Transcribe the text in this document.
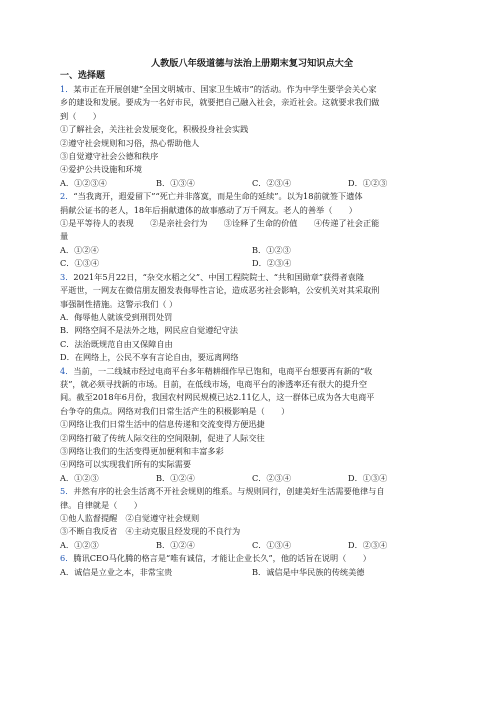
人教版八年级道德与法治上册期末复习知识点大全
一、选择题
1．某市正在开展创建“全国文明城市、国家卫生城市”的活动。作为中学生要学会关心家
乡的建设和发展。要成为一名好市民，就要把自己融入社会，亲近社会。这就要求我们做
到（　　）
①了解社会，关注社会发展变化，积极投身社会实践
②遵守社会规则和习俗，热心帮助他人
③自觉遵守社会公德和秩序
④爱护公共设施和环境
A．①②③④	B．①③④	C．②③④	D．①②③
2．“当我离开，遐爱留下”“死亡并非落寞，而是生命的延续”。以为18前就签下遗体
捐献公证书的老人，18年后捐献遗体的故事感动了万千网友。老人的善举（　　）
①是平等待人的表现　　②是亲社会行为　　③诠释了生命的价值　　④传递了社会正能
量
A．①②④	B．①②③
C．①③④	D．②③④
3．2021年5月22日，“杂交水稻之父”、中国工程院院士、“共和国勋章”获得者袁隆
平逝世，一网友在微信朋友圈发表侮辱性言论，造成恶劣社会影响，公安机关对其采取刑
事强制性措施。这警示我们（ ）
A．侮辱他人就该受到刑罚处罚
B．网络空间不是法外之地，网民应自觉遵纪守法
C．法治既规范自由又保障自由
D．在网络上，公民不享有言论自由，要远离网络
4．当前，一二线城市经过电商平台多年精耕细作早已饱和，电商平台想要再有新的“收
获”，就必须寻找新的市场。目前，在低线市场，电商平台的渗透率还有很大的提升空
间。截至2018年6月份，我国农村网民规模已达2.11亿人，这一群体已成为各大电商平
台争夺的焦点。网络对我们日常生活产生的积极影响是（　　）
①网络让我们日常生活中的信息传递和交流变得方便迅捷
②网络打破了传统人际交往的空间限制，促进了人际交往
③网络让我们的生活变得更加便利和丰富多彩
④网络可以实现我们所有的实际需要
A．①②③	B．①②④	C．②③④	D．①③④
5．井然有序的社会生活离不开社会规则的维系。与规则同行，创建美好生活需要他律与自
律。自律就是（　　）
①他人监督提醒　②自觉遵守社会规则
③不断自我反省　④主动克服且经发现的不良行为
A．①②③	B．①②④	C．①③④	D．②③④
6．腾讯CEO马化腾的格言是“唯有诚信，才能让企业长久”，他的话旨在说明（　　）
A．诚信是立业之本，非常宝贵	B．诚信是中华民族的传统美德
